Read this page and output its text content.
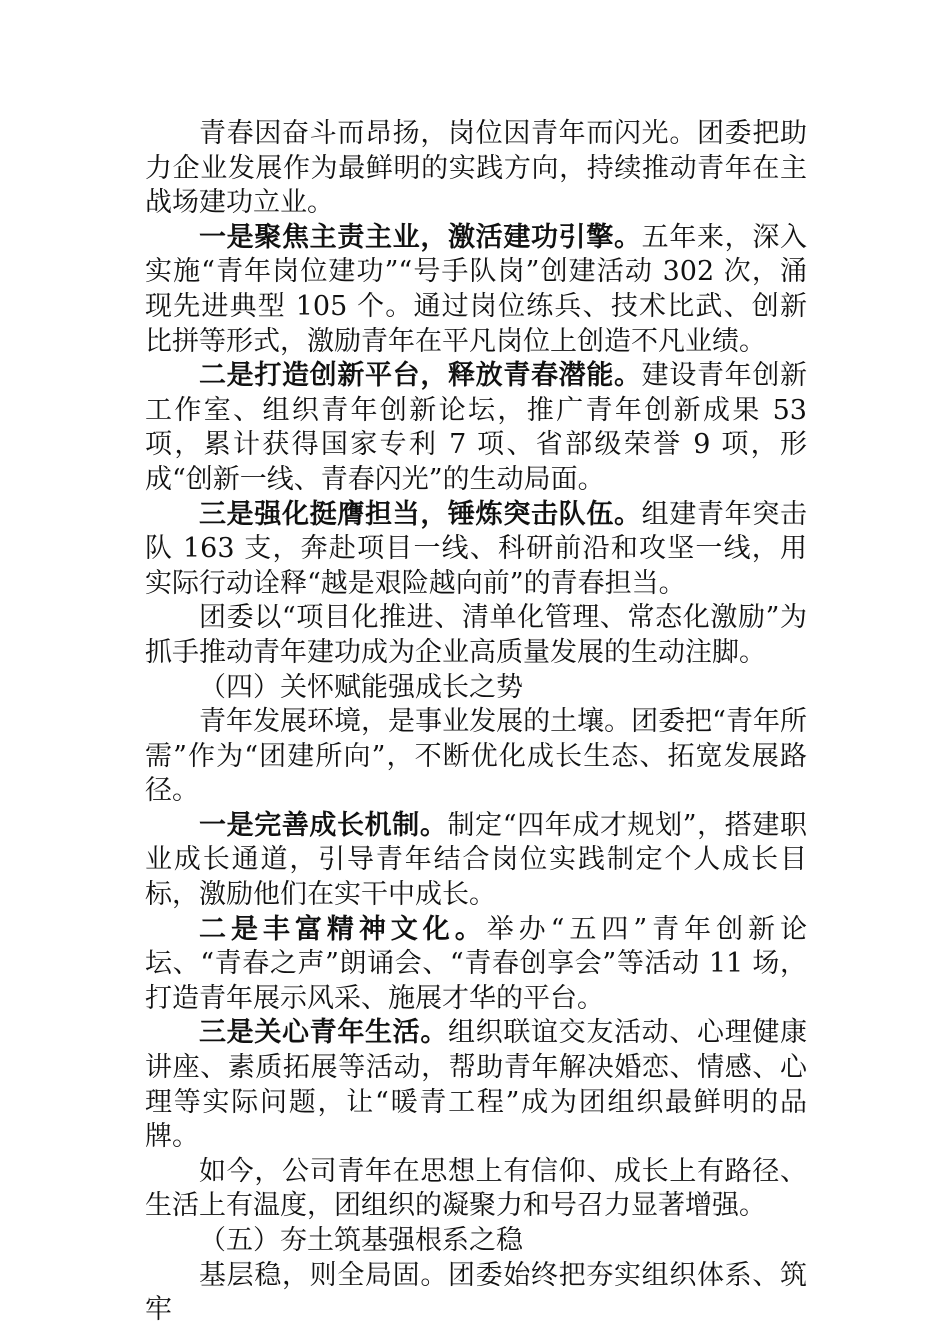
青春因奋斗而昂扬，岗位因青年而闪光。团委把助力企业发展作为最鲜明的实践方向，持续推动青年在主战场建功立业。

一是聚焦主责主业，激活建功引擎。五年来，深入实施“青年岗位建功”“号手队岗”创建活动 302 次，涌现先进典型 105 个。通过岗位练兵、技术比武、创新比拼等形式，激励青年在平凡岗位上创造不凡业绩。

二是打造创新平台，释放青春潜能。建设青年创新工作室、组织青年创新论坛，推广青年创新成果 53 项，累计获得国家专利 7 项、省部级荣誉 9 项，形成“创新一线、青春闪光”的生动局面。

三是强化挺膺担当，锤炼突击队伍。组建青年突击队 163 支，奔赴项目一线、科研前沿和攻坚一线，用实际行动诠释“越是艰险越向前”的青春担当。

团委以“项目化推进、清单化管理、常态化激励”为抓手推动青年建功成为企业高质量发展的生动注脚。

（四）关怀赋能强成长之势

青年发展环境，是事业发展的土壤。团委把“青年所需”作为“团建所向”，不断优化成长生态、拓宽发展路径。

一是完善成长机制。制定“四年成才规划”，搭建职业成长通道，引导青年结合岗位实践制定个人成长目标，激励他们在实干中成长。

二是丰富精神文化。举办“五四”青年创新论坛、“青春之声”朗诵会、“青春创享会”等活动 11 场，打造青年展示风采、施展才华的平台。

三是关心青年生活。组织联谊交友活动、心理健康讲座、素质拓展等活动，帮助青年解决婚恋、情感、心理等实际问题，让“暖青工程”成为团组织最鲜明的品牌。

如今，公司青年在思想上有信仰、成长上有路径、生活上有温度，团组织的凝聚力和号召力显著增强。

（五）夯土筑基强根系之稳

基层稳，则全局固。团委始终把夯实组织体系、筑牢
